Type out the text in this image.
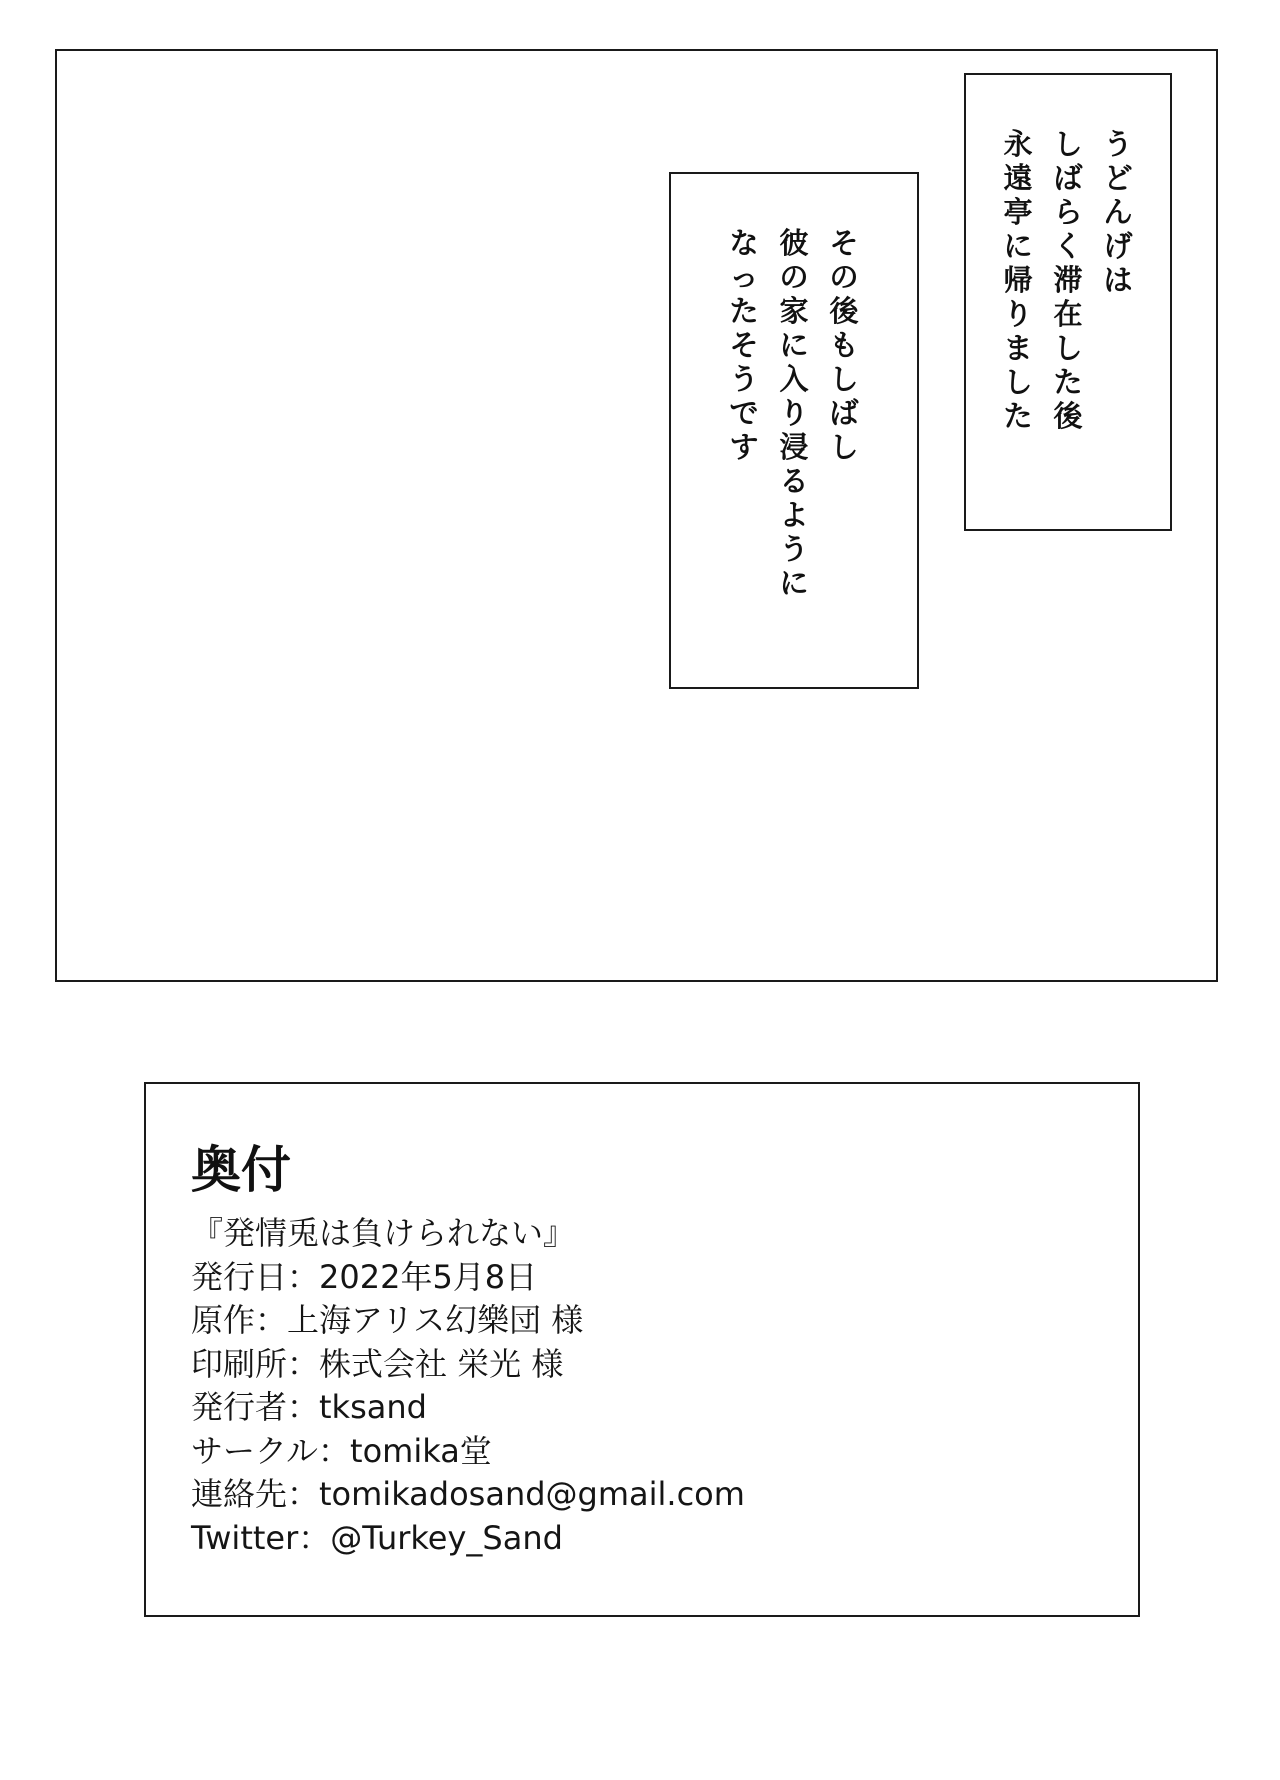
う
ど
ん
げ
は
し
ば
ら
く
滞
在
し
た
後
永
遠
亭
に
帰
り
ま
し
た
そ
の
後
も
し
ば
し
彼
の
家
に
入
り
浸
る
よ
う
に
な
っ
た
そ
う
で
す
奥付
『発情兎は負けられない』
発行日：2022年5月8日
原作：上海アリス幻樂団 様
印刷所：株式会社 栄光 様
発行者：tksand
サークル：tomika堂
連絡先：tomikadosand@gmail.com
Twitter：@Turkey_Sand
